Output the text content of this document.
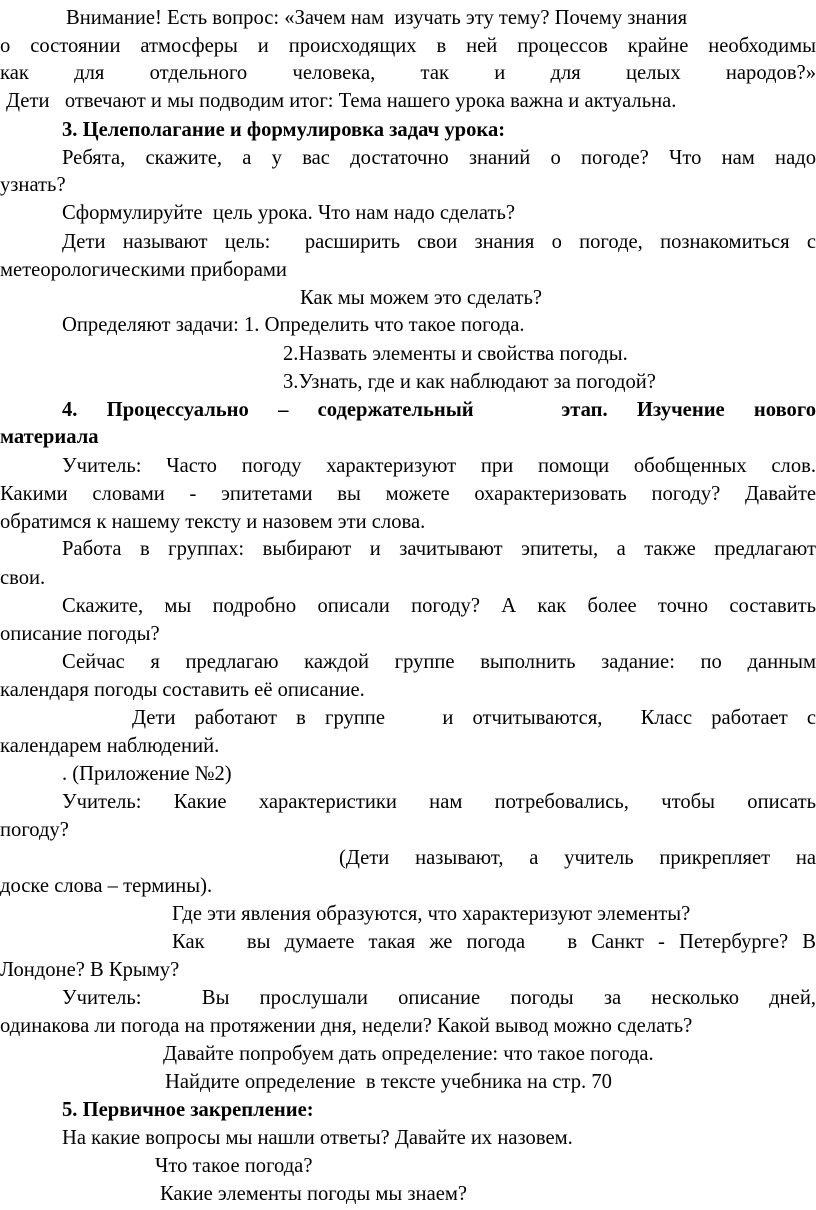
Внимание! Есть вопрос: «Зачем нам  изучать эту тему? Почему знания
о состоянии атмосферы и происходящих в ней процессов крайне необходимы
как   для   отдельного   человека,   так   и   для   целых   народов?»
Дети   отвечают и мы подводим итог: Тема нашего урока важна и актуальна.
3. Целеполагание и формулировка задач урока:
Ребята, скажите, а у вас достаточно знаний о погоде? Что нам надо
узнать?
Сформулируйте  цель урока. Что нам надо сделать?
Дети называют цель:  расширить свои знания о погоде, познакомиться с
метеорологическими приборами
Как мы можем это сделать?
Определяют задачи: 1. Определить что такое погода.
2.Назвать элементы и свойства погоды.
3.Узнать, где и как наблюдают за погодой?
4. Процессуально – содержательный   этап. Изучение нового
материала
Учитель: Часто погоду характеризуют при помощи обобщенных слов.
Какими словами - эпитетами вы можете охарактеризовать погоду? Давайте
обратимся к нашему тексту и назовем эти слова.
Работа в группах: выбирают и зачитывают эпитеты, а также предлагают
свои.
Скажите, мы подробно описали погоду? А как более точно составить
описание погоды?
Сейчас я предлагаю каждой группе выполнить задание: по данным
календаря погоды составить её описание.
Дети работают в группе   и отчитываются,  Класс работает с
календарем наблюдений.
. (Приложение №2)
Учитель: Какие характеристики нам потребовались, чтобы описать
погоду?
(Дети называют, а учитель прикрепляет на
доске слова – термины).
Где эти явления образуются, что характеризуют элементы?
Как   вы думаете такая же погода   в Санкт - Петербурге? В
Лондоне? В Крыму?
Учитель:  Вы прослушали описание погоды за несколько дней,
одинакова ли погода на протяжении дня, недели? Какой вывод можно сделать?
Давайте попробуем дать определение: что такое погода.
Найдите определение  в тексте учебника на стр. 70
5. Первичное закрепление:
На какие вопросы мы нашли ответы? Давайте их назовем.
Что такое погода?
Какие элементы погоды мы знаем?
